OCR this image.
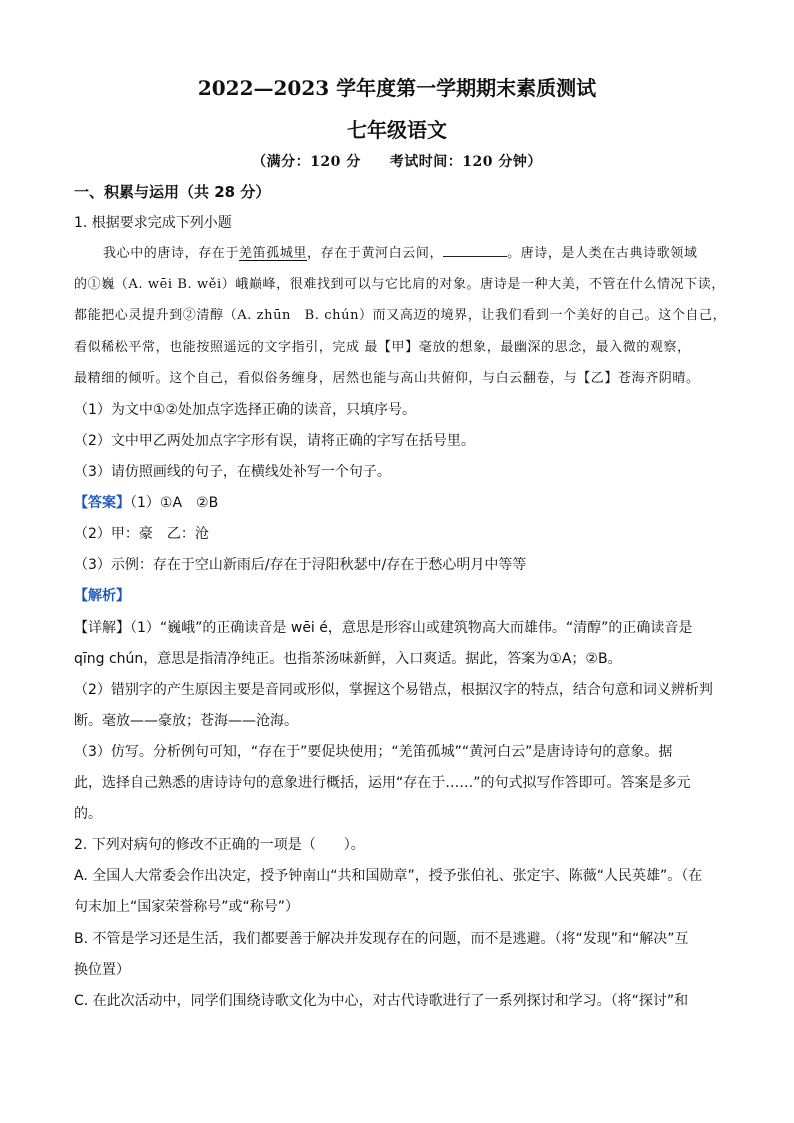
2022—2023 学年度第一学期期末素质测试
七年级语文
（满分：120 分　　考试时间：120 分钟）
一、积累与运用（共 28 分）
1. 根据要求完成下列小题
我心中的唐诗，存在于羌笛孤城里，存在于黄河白云间，	。唐诗，是人类在古典诗歌领域
的①巍（A. wēi B. wěi）峨巅峰，很难找到可以与它比肩的对象。唐诗是一种大美，不管在什么情况下读，
都能把心灵提升到②清醇（A. zhūn　B. chún）而又高迈的境界，让我们看到一个美好的自己。这个自己，
看似稀松平常，也能按照遥远的文字指引，完成 最【甲】毫放的想象，最幽深的思念，最入微的观察，
最精细的倾听。这个自己，看似俗务缠身，居然也能与高山共俯仰，与白云翻卷，与【乙】苍海齐阴晴。
（1）为文中①②处加点字选择正确的读音，只填序号。
（2）文中甲乙两处加点字字形有误，请将正确的字写在括号里。
（3）请仿照画线的句子，在横线处补写一个句子。
【答案】（1）①A　②B
（2）甲：豪　乙：沧
（3）示例：存在于空山新雨后/存在于浔阳秋瑟中/存在于愁心明月中等等
【解析】
【详解】（1）“巍峨”的正确读音是 wēi é，意思是形容山或建筑物高大而雄伟。“清醇”的正确读音是
qīng chún，意思是指清净纯正。也指茶汤味新鲜，入口爽适。据此，答案为①A；②B。
（2）错别字的产生原因主要是音同或形似，掌握这个易错点，根据汉字的特点，结合句意和词义辨析判
断。毫放——豪放；苍海——沧海。
（3）仿写。分析例句可知，“存在于”要促块使用；“羌笛孤城”“黄河白云”是唐诗诗句的意象。据
此，选择自己熟悉的唐诗诗句的意象进行概括，运用“存在于……”的句式拟写作答即可。答案是多元
的。
2. 下列对病句的修改不正确的一项是（　　）。
A. 全国人大常委会作出决定，授予钟南山“共和国勋章”，授予张伯礼、张定宇、陈薇“人民英雄”。（在
句末加上“国家荣誉称号”或“称号”）
B. 不管是学习还是生活，我们都要善于解决并发现存在的问题，而不是逃避。（将“发现”和“解决”互
换位置）
C. 在此次活动中，同学们围绕诗歌文化为中心，对古代诗歌进行了一系列探讨和学习。（将“探讨”和
